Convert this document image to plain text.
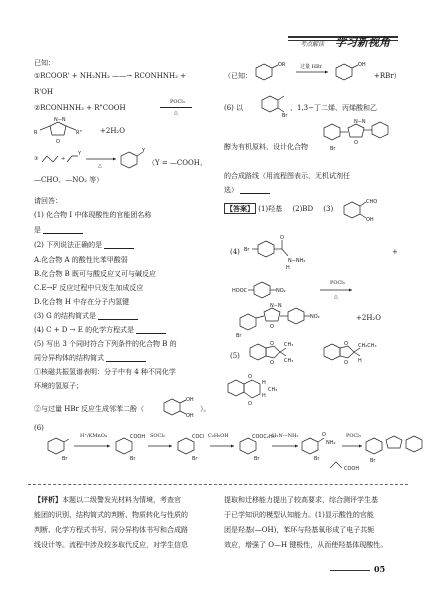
考点解读 学习新视角
已知：
①RCOOR' + NH₂NH₂ ——→ RCONHNH₂ +
R'OH
②RCONHNH₂ + R"COOH
POCl₃
△
N−N
O
R	R"	+2H₂O
③	+
Y
△
Y
（Y = —COOH、
—CHO、—NO₂ 等）
请回答：
(1) 化合物 I 中体现酸性的官能团名称
是
(2) 下列说法正确的是
A.化合物 A 的酸性比苯甲酸弱
B.化合物 B 既可与酸反应又可与碱反应
C.E→F 反应过程中只发生加成反应
D.化合物 H 中存在分子内氢键
(3) G 的结构简式是
(4) C + D → E 的化学方程式是
(5) 写出 3 个同时符合下列条件的化合物 B 的
同分异构体的结构简式
①核磁共振氢谱表明：分子中有 4 种不同化学
环境的氢原子；
②与过量 HBr 反应生成邻苯二酚（
OH
OH
）。
（已知：
OR	OH
过量 HBr
+RBr）
(6) 以
Br
、1,3−丁二烯、丙烯酸和乙
醇为有机原料，设计化合物
N−N
O
Br
的合成路线（用流程图表示，无机试剂任
选）
【答案】 (1)羟基 (2)BD (3)
CHO
OH
(4) Br
O
N−NH₂
H
+
HOOC	NO₂
POCl₃
△
Br
N−N
O
NO₂	+2H₂O
(5)
O
O
CH₃
CH₃
O
O
CH₂CH₃
H
O
O
H
H
CH₃
(6)
Br
COOH
Br
COCl
Br
COOC₂H₅
Br
O
NH₂
Br	Br
COOH
H⁺/KMnO₄	SOCl₂	C₂H₅OH	H₂N—NH₂	POCl₃
【评析】本题以二级警发光材料为情境，考查官
能团的识别、结构简式的判断、物质转化与性质的
判断、化学方程式书写、同分异构体书写和合成路
线设计等。流程中涉及较多取代反应，对学生信息
提取和迁移能力提出了较高要求，综合测评学生基
于已学知识的模型认知能力。(1)显示酸性的官能
团是羟基(—OH)，苯环与羟基氧形成了电子共轭
效应，增强了 O—H 键极性，从而使羟基体现酸性。
05
